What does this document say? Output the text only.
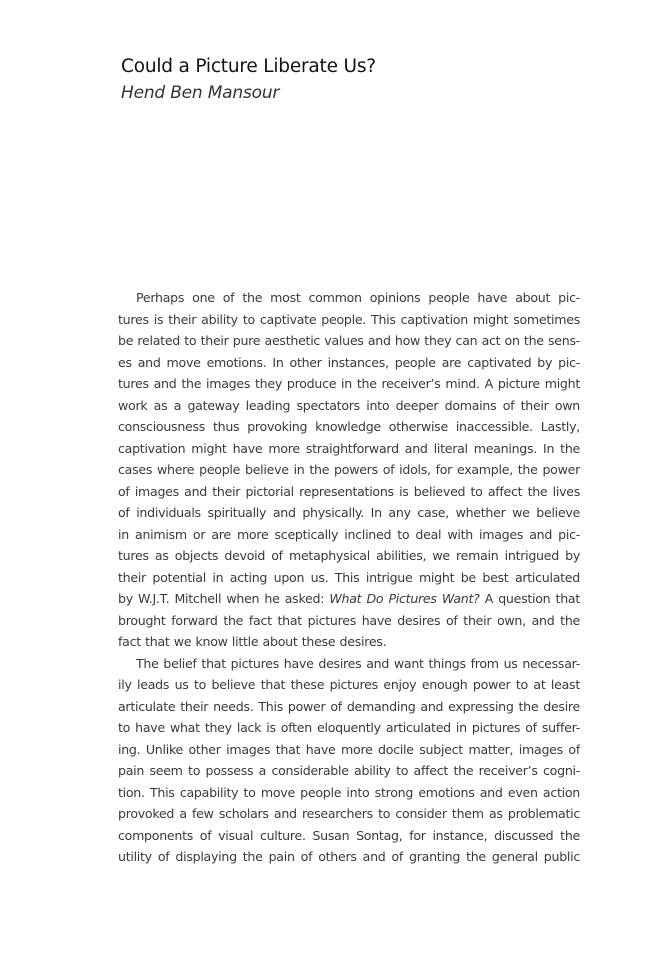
Could a Picture Liberate Us?
Hend Ben Mansour
Perhaps one of the most common opinions people have about pic-
tures is their ability to captivate people. This captivation might sometimes
be related to their pure aesthetic values and how they can act on the sens-
es and move emotions. In other instances, people are captivated by pic-
tures and the images they produce in the receiver’s mind. A picture might
work as a gateway leading spectators into deeper domains of their own
consciousness thus provoking knowledge otherwise inaccessible. Lastly,
captivation might have more straightforward and literal meanings. In the
cases where people believe in the powers of idols, for example, the power
of images and their pictorial representations is believed to affect the lives
of individuals spiritually and physically. In any case, whether we believe
in animism or are more sceptically inclined to deal with images and pic-
tures as objects devoid of metaphysical abilities, we remain intrigued by
their potential in acting upon us. This intrigue might be best articulated
by W.J.T. Mitchell when he asked: What Do Pictures Want? A question that
brought forward the fact that pictures have desires of their own, and the
fact that we know little about these desires.
The belief that pictures have desires and want things from us necessar-
ily leads us to believe that these pictures enjoy enough power to at least
articulate their needs. This power of demanding and expressing the desire
to have what they lack is often eloquently articulated in pictures of suffer-
ing. Unlike other images that have more docile subject matter, images of
pain seem to possess a considerable ability to affect the receiver’s cogni-
tion. This capability to move people into strong emotions and even action
provoked a few scholars and researchers to consider them as problematic
components of visual culture. Susan Sontag, for instance, discussed the
utility of displaying the pain of others and of granting the general public
